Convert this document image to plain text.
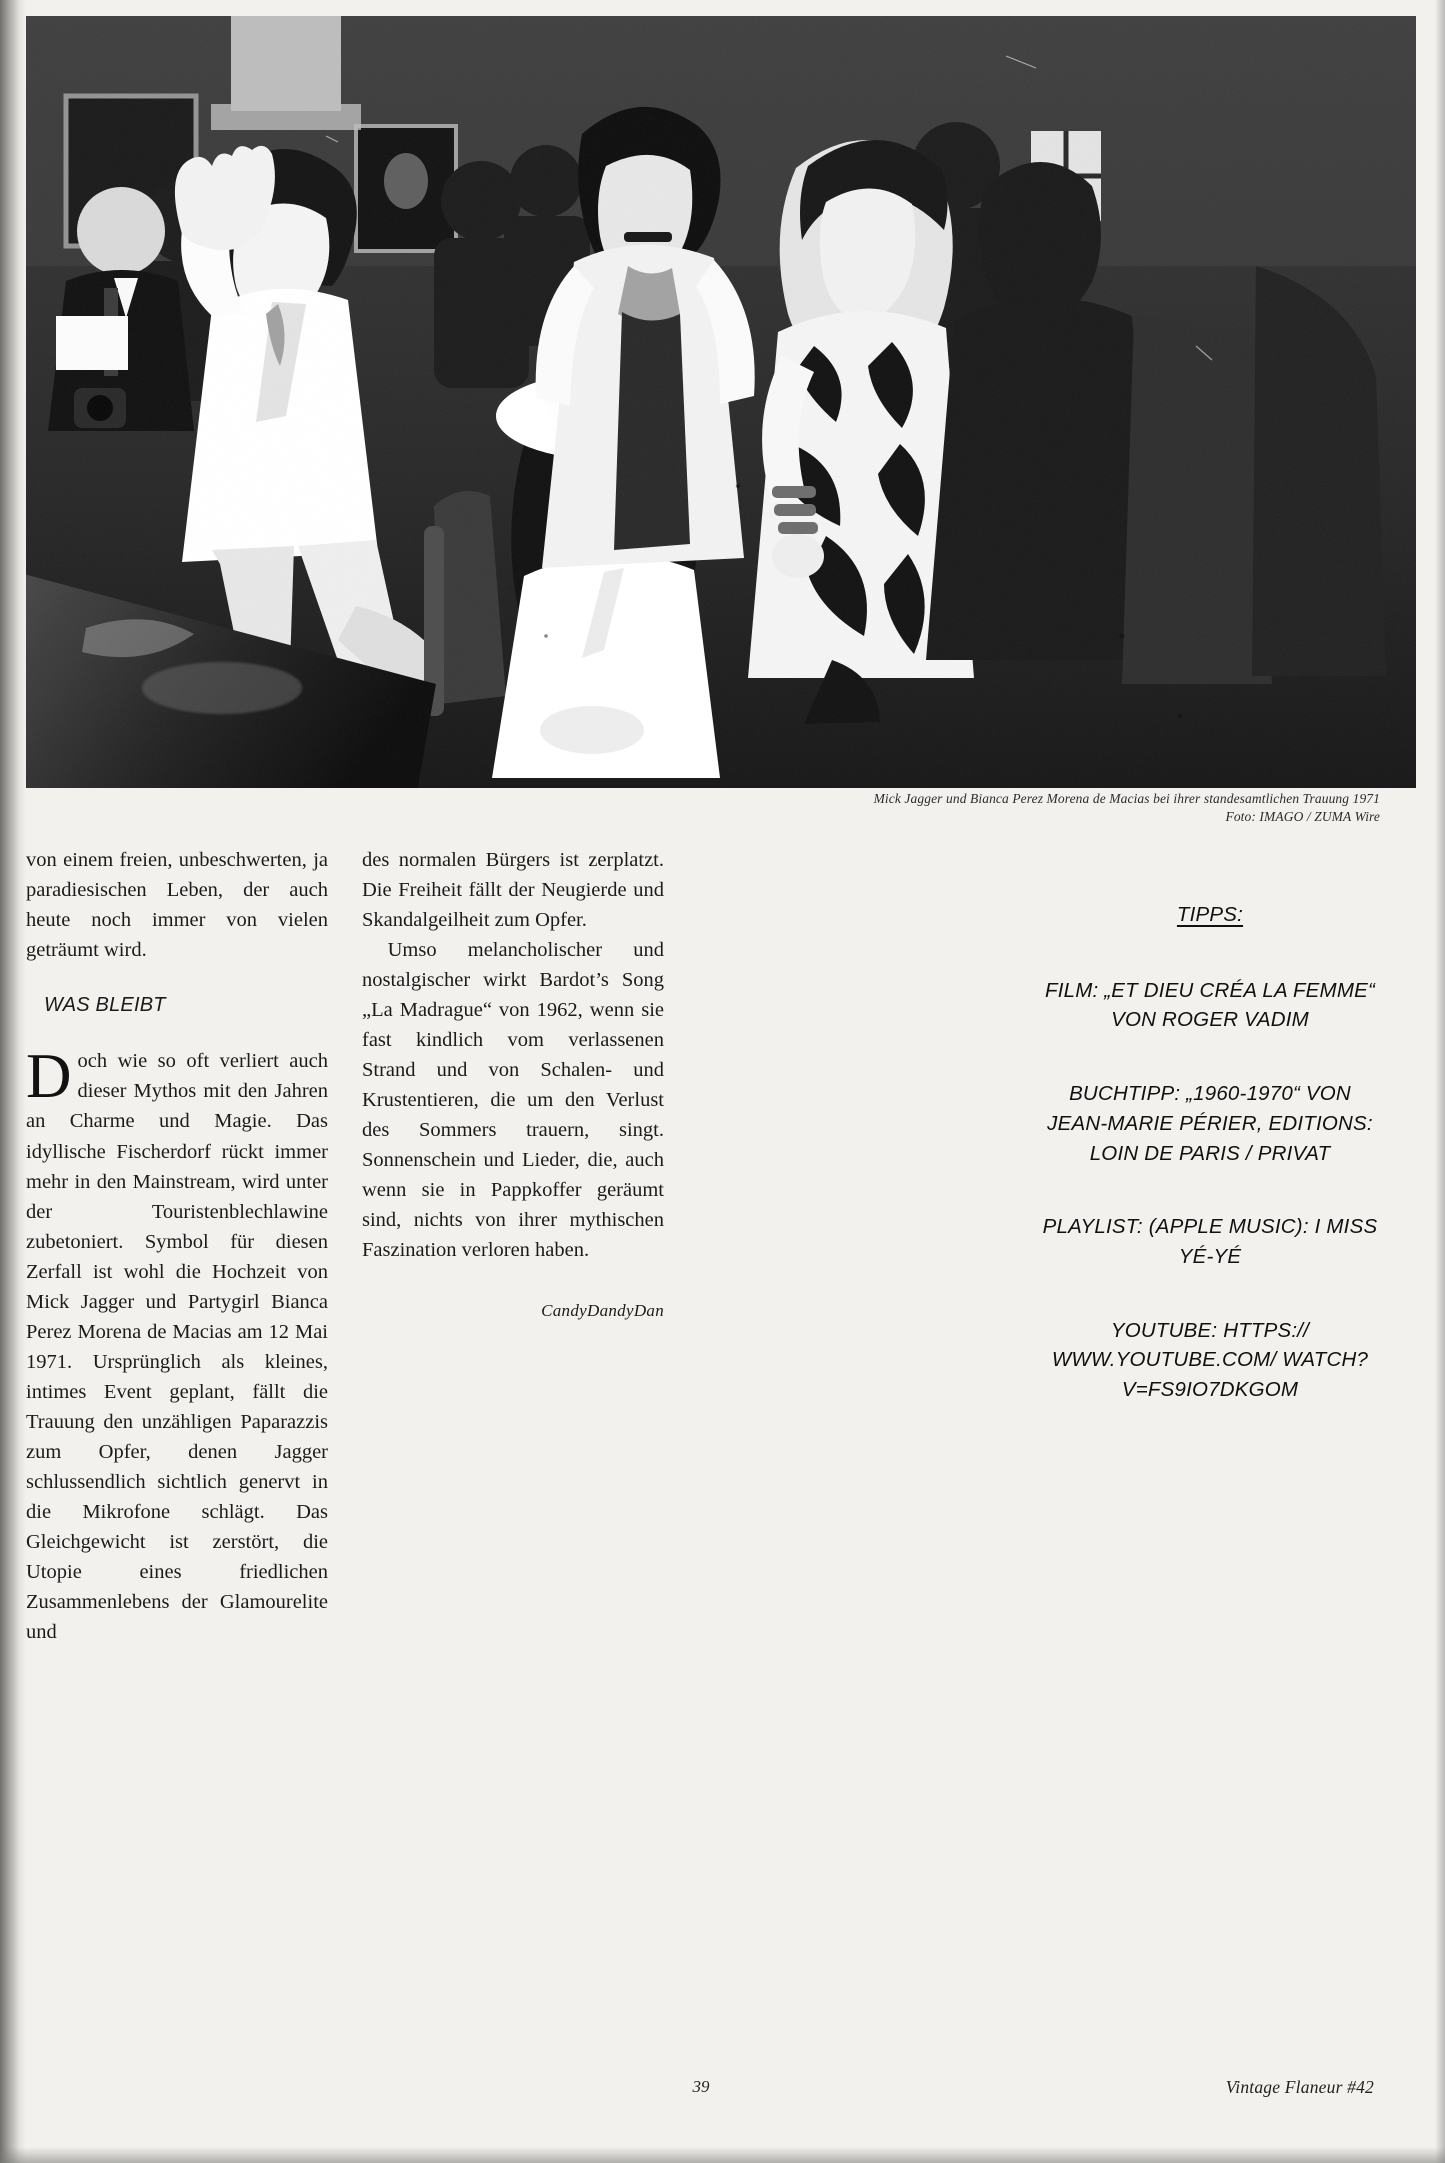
Mick Jagger und Bianca Perez Morena de Macias bei ihrer standesamtlichen Trauung 1971
Foto: IMAGO / ZUMA Wire

von einem freien, unbeschwerten, ja paradiesischen Leben, der auch heute noch immer von vielen geträumt wird.

WAS BLEIBT

Doch wie so oft verliert auch dieser Mythos mit den Jahren an Charme und Magie. Das idyllische Fischerdorf rückt immer mehr in den Mainstream, wird unter der Touristenblechlawine zubetoniert. Symbol für diesen Zerfall ist wohl die Hochzeit von Mick Jagger und Partygirl Bianca Perez Morena de Macias am 12 Mai 1971. Ursprünglich als kleines, intimes Event geplant, fällt die Trauung den unzähligen Paparazzis zum Opfer, denen Jagger schlussendlich sichtlich genervt in die Mikrofone schlägt. Das Gleichgewicht ist zerstört, die Utopie eines friedlichen Zusammenlebens der Glamourelite und

des normalen Bürgers ist zerplatzt. Die Freiheit fällt der Neugierde und Skandalgeilheit zum Opfer.

Umso melancholischer und nostalgischer wirkt Bardot’s Song „La Madrague“ von 1962, wenn sie fast kindlich vom verlassenen Strand und von Schalen- und Krustentieren, die um den Verlust des Sommers trauern, singt. Sonnenschein und Lieder, die, auch wenn sie in Pappkoffer geräumt sind, nichts von ihrer mythischen Faszination verloren haben.

CandyDandyDan
TIPPS:
FILM: „ET DIEU CRÉA LA FEMME“ VON ROGER VADIM
BUCHTIPP: „1960-1970“ VON JEAN-MARIE PÉRIER, EDITIONS: LOIN DE PARIS / PRIVAT
PLAYLIST: (APPLE MUSIC): I MISS YÉ-YÉ
YOUTUBE: HTTPS:// WWW.YOUTUBE.COM/ WATCH?V=FS9IO7DKGOM
39	Vintage Flaneur #42
